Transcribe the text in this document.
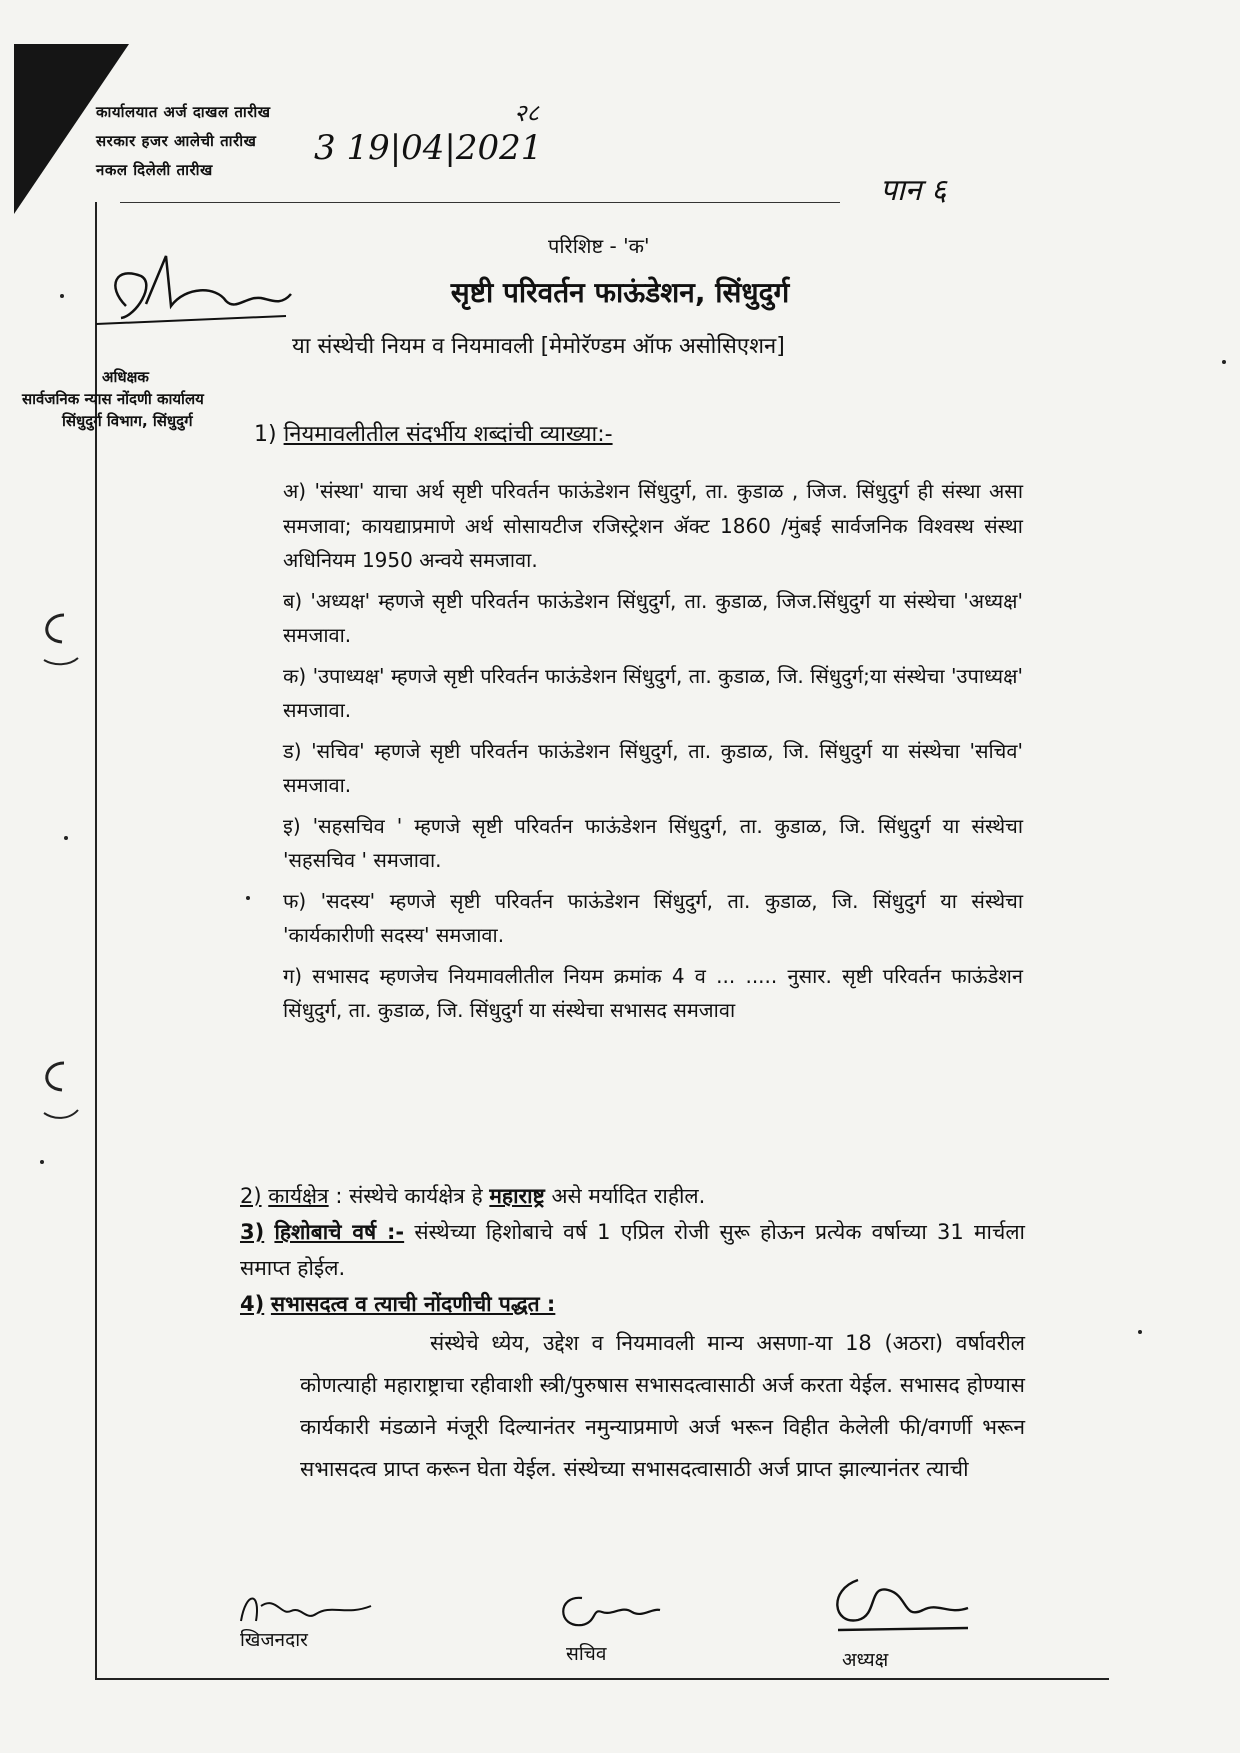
कार्यालयात अर्ज दाखल तारीख
सरकार हजर आलेची तारीख
नकल दिलेली तारीख
3 19|04|2021
२८
पान ६
अधिक्षक
सार्वजनिक न्यास नोंदणी कार्यालय
सिंधुदुर्ग विभाग, सिंधुदुर्ग
परिशिष्ट - 'क'
सृष्टी परिवर्तन फाऊंडेशन, सिंधुदुर्ग
या संस्थेची नियम व नियमावली [मेमोरॅण्डम ऑफ असोसिएशन]
1) नियमावलीतील संदर्भीय शब्दांची व्याख्या:-

अ) 'संस्था' याचा अर्थ सृष्टी परिवर्तन फाऊंडेशन सिंधुदुर्ग, ता. कुडाळ , जिज. सिंधुदुर्ग ही संस्था असा समजावा; कायद्याप्रमाणे अर्थ सोसायटीज रजिस्ट्रेशन ॲक्ट 1860 /मुंबई सार्वजनिक विश्वस्थ संस्था अधिनियम 1950 अन्वये समजावा.

ब) 'अध्यक्ष' म्हणजे सृष्टी परिवर्तन फाऊंडेशन सिंधुदुर्ग, ता. कुडाळ, जिज.सिंधुदुर्ग या संस्थेचा 'अध्यक्ष' समजावा.

क) 'उपाध्यक्ष' म्हणजे सृष्टी परिवर्तन फाऊंडेशन सिंधुदुर्ग, ता. कुडाळ, जि. सिंधुदुर्ग;या संस्थेचा 'उपाध्यक्ष' समजावा.

ड) 'सचिव' म्हणजे सृष्टी परिवर्तन फाऊंडेशन सिंधुदुर्ग, ता. कुडाळ, जि. सिंधुदुर्ग या संस्थेचा 'सचिव' समजावा.

इ) 'सहसचिव ' म्हणजे सृष्टी परिवर्तन फाऊंडेशन सिंधुदुर्ग, ता. कुडाळ, जि. सिंधुदुर्ग या संस्थेचा 'सहसचिव ' समजावा.

फ) 'सदस्य' म्हणजे सृष्टी परिवर्तन फाऊंडेशन सिंधुदुर्ग, ता. कुडाळ, जि. सिंधुदुर्ग या संस्थेचा 'कार्यकारीणी सदस्य' समजावा.

ग) सभासद म्हणजेच नियमावलीतील नियम क्रमांक 4 व ... ..... नुसार. सृष्टी परिवर्तन फाऊंडेशन सिंधुदुर्ग, ता. कुडाळ, जि. सिंधुदुर्ग या संस्थेचा सभासद समजावा

2) कार्यक्षेत्र : संस्थेचे कार्यक्षेत्र हे महाराष्ट्र असे मर्यादित राहील.

3) हिशोबाचे वर्ष :- संस्थेच्या हिशोबाचे वर्ष 1 एप्रिल रोजी सुरू होऊन प्रत्येक वर्षाच्या 31 मार्चला समाप्त होईल.

4) सभासदत्व व त्याची नोंदणीची पद्धत :

संस्थेचे ध्येय, उद्देश व नियमावली मान्य असणा-या 18 (अठरा) वर्षावरील कोणत्याही महाराष्ट्राचा रहीवाशी स्त्री/पुरुषास सभासदत्वासाठी अर्ज करता येईल. सभासद होण्यास कार्यकारी मंडळाने मंजूरी दिल्यानंतर नमुन्याप्रमाणे अर्ज भरून विहीत केलेली फी/वगर्णी भरून सभासदत्व प्राप्त करून घेता येईल. संस्थेच्या सभासदत्वासाठी अर्ज प्राप्त झाल्यानंतर त्याची

खिजनदार
सचिव	अध्यक्ष
